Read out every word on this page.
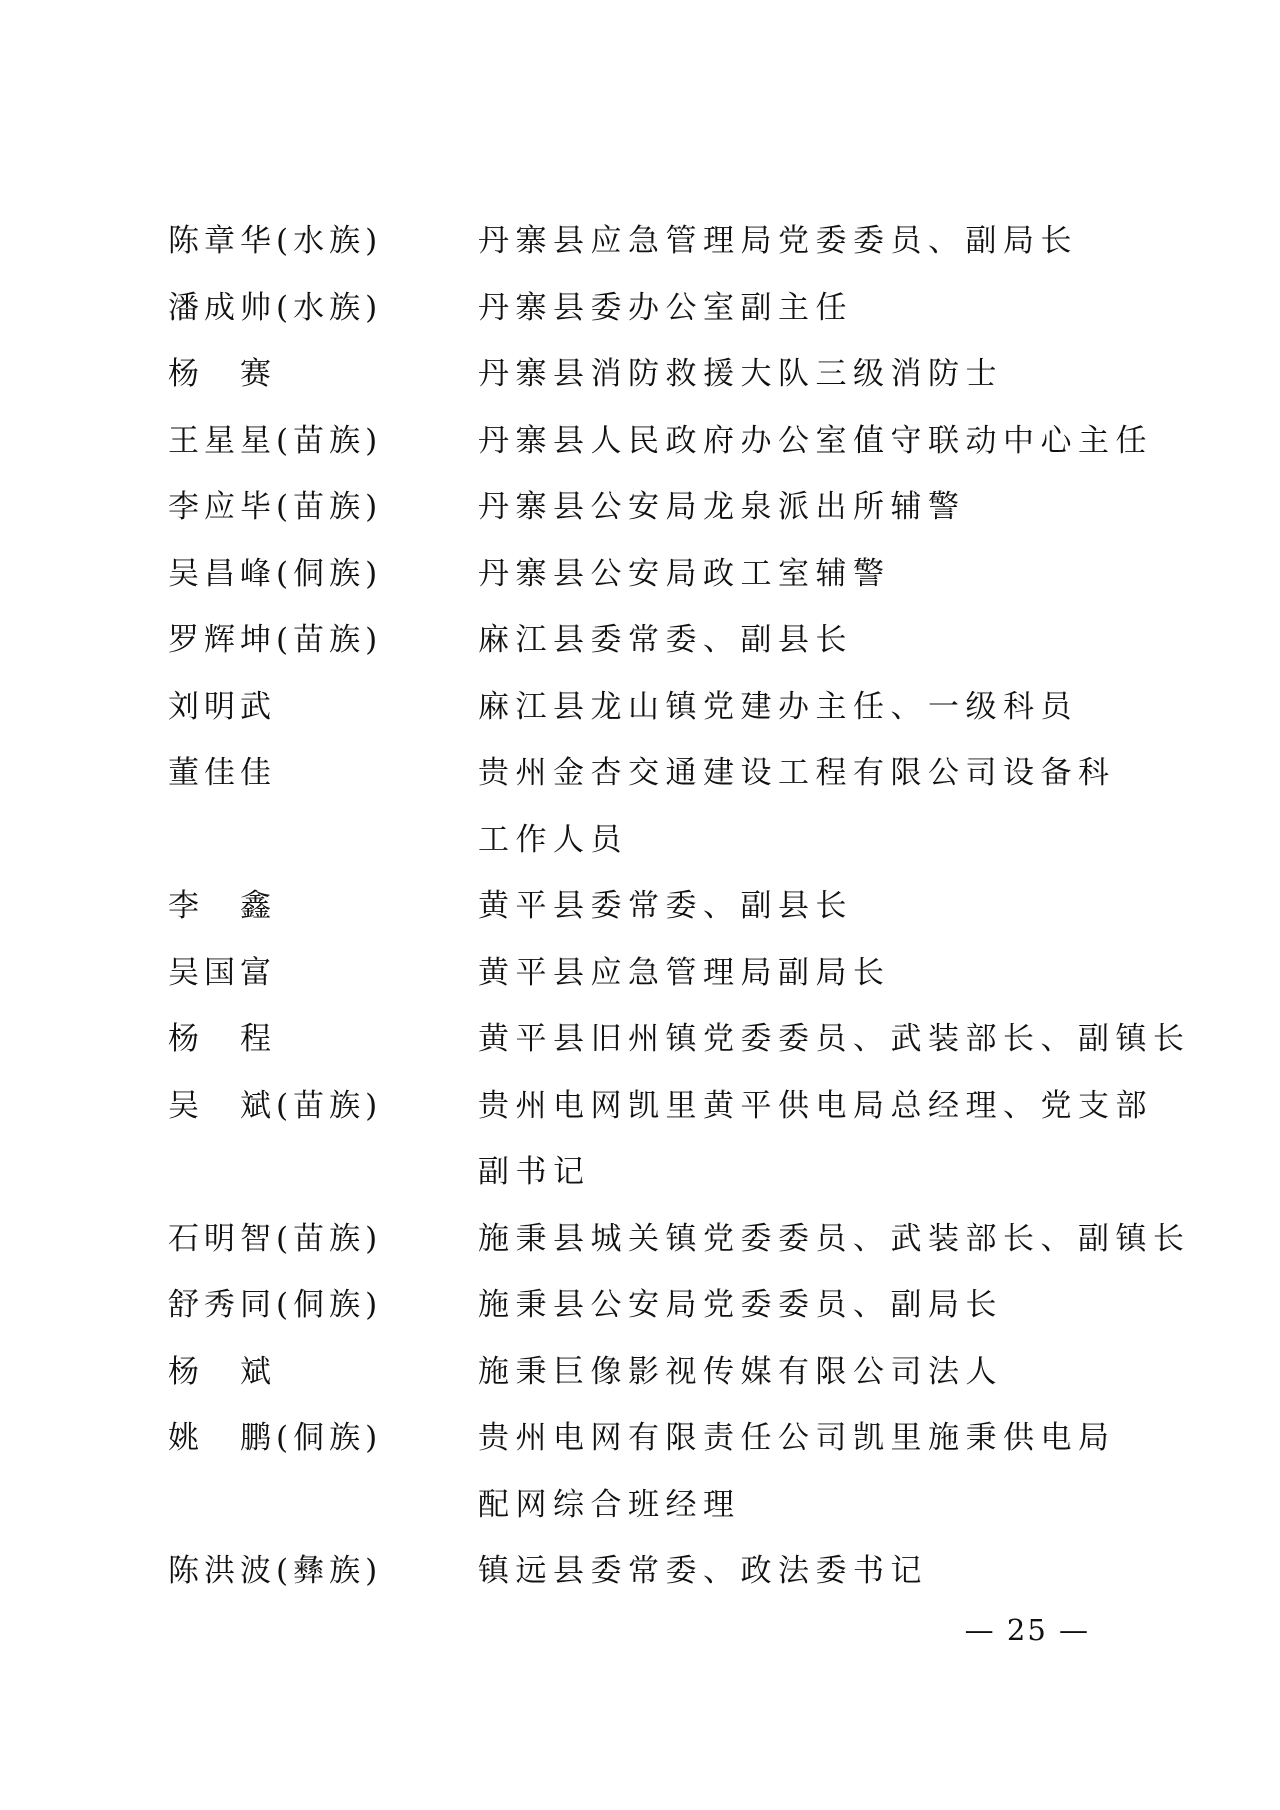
陈章华(水族)	丹寨县应急管理局党委委员、副局长
潘成帅(水族)	丹寨县委办公室副主任
杨　赛	丹寨县消防救援大队三级消防士
王星星(苗族)	丹寨县人民政府办公室值守联动中心主任
李应毕(苗族)	丹寨县公安局龙泉派出所辅警
吴昌峰(侗族)	丹寨县公安局政工室辅警
罗辉坤(苗族)	麻江县委常委、副县长
刘明武	麻江县龙山镇党建办主任、一级科员
董佳佳	贵州金杏交通建设工程有限公司设备科
工作人员
李　鑫	黄平县委常委、副县长
吴国富	黄平县应急管理局副局长
杨　程	黄平县旧州镇党委委员、武装部长、副镇长
吴　斌(苗族)	贵州电网凯里黄平供电局总经理、党支部
副书记
石明智(苗族)	施秉县城关镇党委委员、武装部长、副镇长
舒秀同(侗族)	施秉县公安局党委委员、副局长
杨　斌	施秉巨像影视传媒有限公司法人
姚　鹏(侗族)	贵州电网有限责任公司凯里施秉供电局
配网综合班经理
陈洪波(彝族)	镇远县委常委、政法委书记
— 25 —
